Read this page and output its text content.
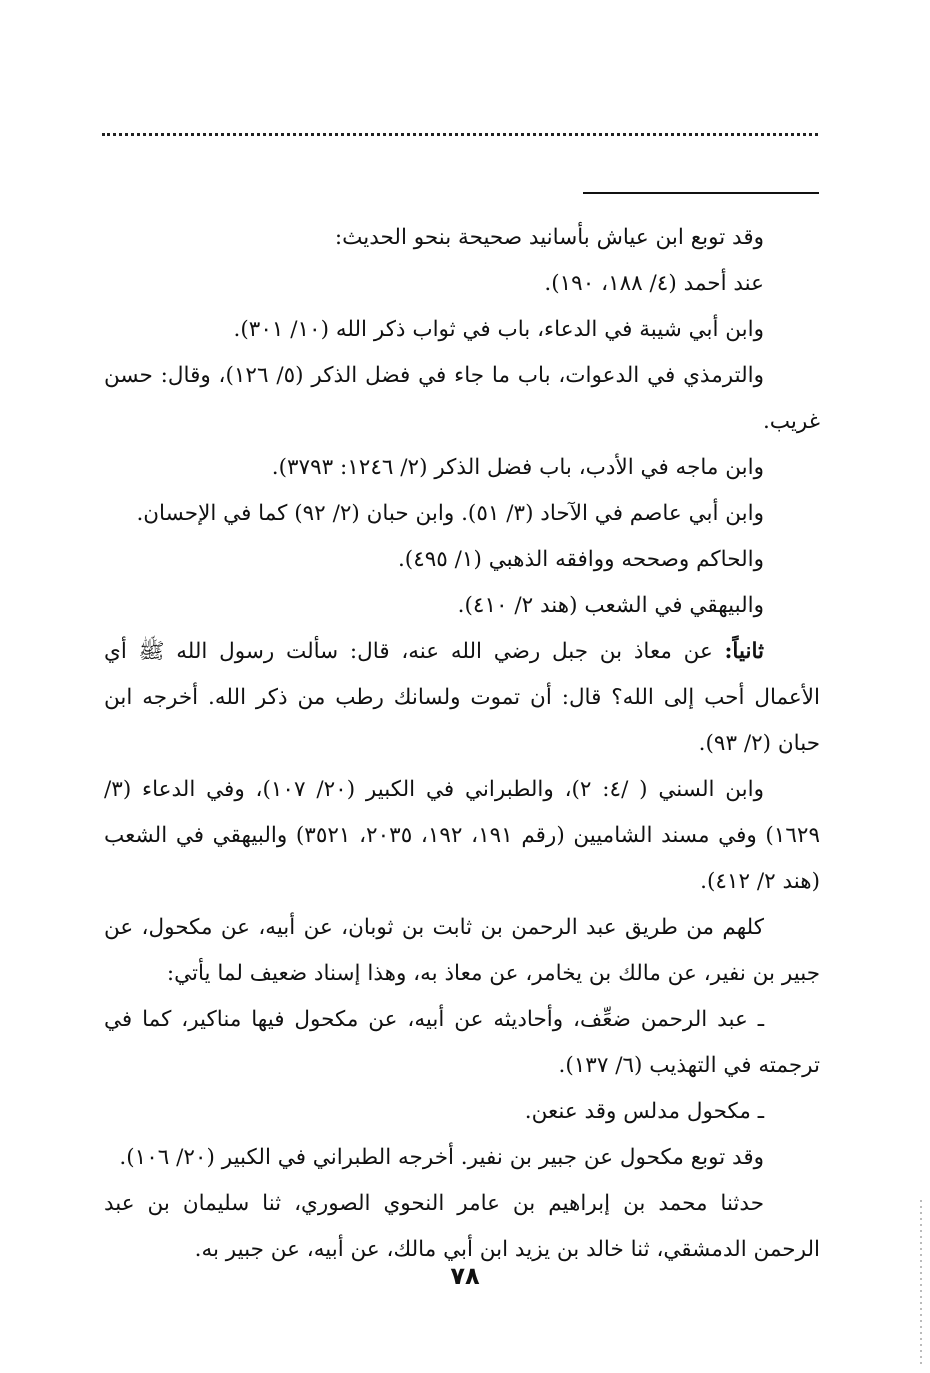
وقد توبع ابن عياش بأسانيد صحيحة بنحو الحديث:

عند أحمد (٤/ ١٨٨، ١٩٠).

وابن أبي شيبة في الدعاء، باب في ثواب ذكر الله (١٠/ ٣٠١).

والترمذي في الدعوات، باب ما جاء في فضل الذكر (٥/ ١٢٦)، وقال: حسن غريب.

وابن ماجه في الأدب، باب فضل الذكر (٢/ ١٢٤٦: ٣٧٩٣).

وابن أبي عاصم في الآحاد (٣/ ٥١). وابن حبان (٢/ ٩٢) كما في الإحسان.

والحاكم وصححه ووافقه الذهبي (١/ ٤٩٥).

والبيهقي في الشعب (هند ٢/ ٤١٠).

ثانياً: عن معاذ بن جبل رضي الله عنه، قال: سألت رسول الله ﷺ أي الأعمال أحب إلى الله؟ قال: أن تموت ولسانك رطب من ذكر الله. أخرجه ابن حبان (٢/ ٩٣).

وابن السني ( /٤: ٢)، والطبراني في الكبير (٢٠/ ١٠٧)، وفي الدعاء (٣/ ١٦٢٩) وفي مسند الشاميين (رقم ١٩١، ١٩٢، ٢٠٣٥، ٣٥٢١) والبيهقي في الشعب (هند ٢/ ٤١٢).

كلهم من طريق عبد الرحمن بن ثابت بن ثوبان، عن أبيه، عن مكحول، عن جبير بن نفير، عن مالك بن يخامر، عن معاذ به، وهذا إسناد ضعيف لما يأتي:

ـ عبد الرحمن ضعِّف، وأحاديثه عن أبيه، عن مكحول فيها مناكير، كما في ترجمته في التهذيب (٦/ ١٣٧).

ـ مكحول مدلس وقد عنعن.

وقد توبع مكحول عن جبير بن نفير. أخرجه الطبراني في الكبير (٢٠/ ١٠٦).

حدثنا محمد بن إبراهيم بن عامر النحوي الصوري، ثنا سليمان بن عبد الرحمن الدمشقي، ثنا خالد بن يزيد ابن أبي مالك، عن أبيه، عن جبير به.

٧٨
